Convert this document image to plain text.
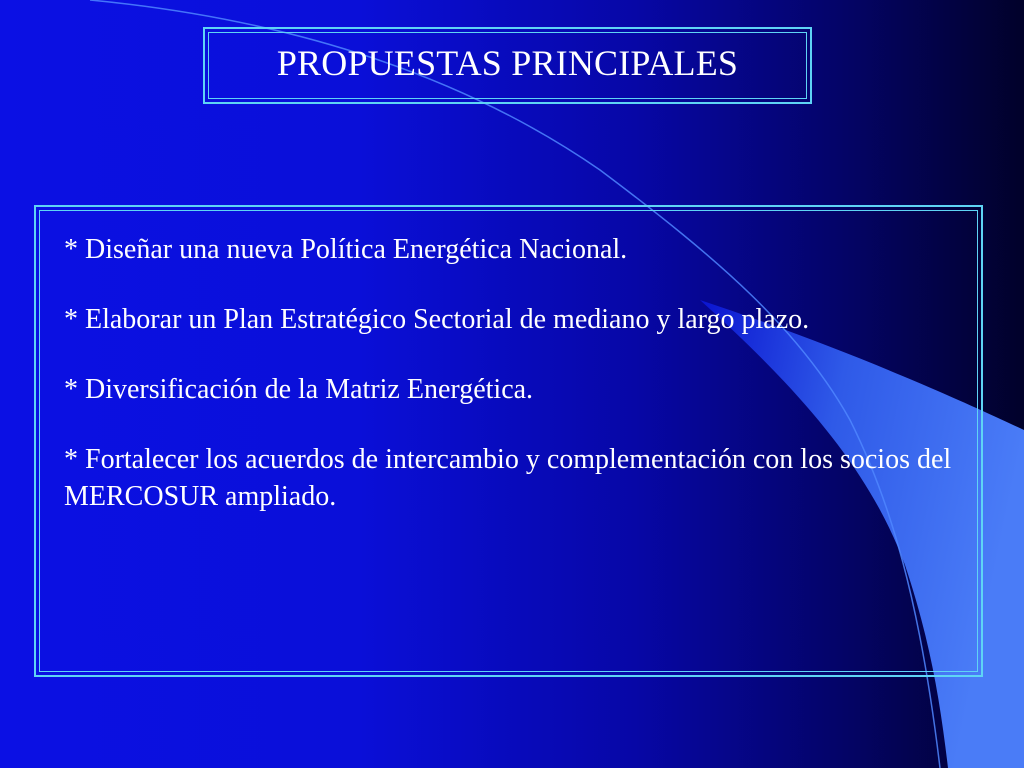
PROPUESTAS PRINCIPALES
* Diseñar una nueva Política Energética Nacional.
* Elaborar un Plan Estratégico Sectorial de mediano y largo plazo.
* Diversificación de la Matriz Energética.
* Fortalecer los acuerdos de intercambio y complementación con los socios del MERCOSUR ampliado.
